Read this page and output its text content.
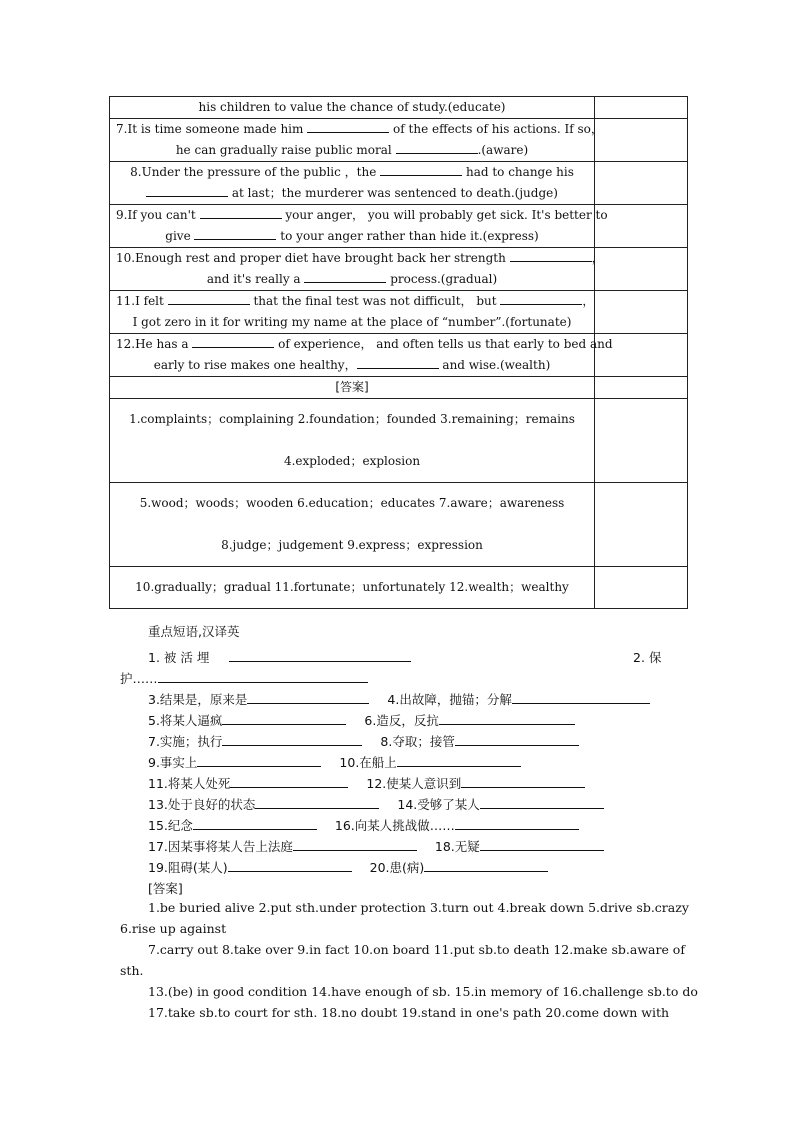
his children to value the chance of study.(educate)	

7.It is time someone made him of the effects of his actions. If so，
he can gradually raise public moral .(aware)	

8.Under the pressure of the public ，the had to change his
at last；the murderer was sentenced to death.(judge)	

9.If you can't your anger， you will probably get sick. It's better to
give to your anger rather than hide it.(express)	

10.Enough rest and proper diet have brought back her strength ，
and it's really a process.(gradual)	

11.I felt that the final test was not difficult， but ，
I got zero in it for writing my name at the place of “number”.(fortunate)	

12.He has a of experience， and often tells us that early to bed and
early to rise makes one healthy， and wise.(wealth)	

[答案]	

1.complaints；complaining 2.foundation；founded 3.remaining；remains
4.exploded；explosion	

5.wood；woods；wooden 6.education；educates 7.aware；awareness
8.judge；judgement 9.express；expression	

10.gradually；gradual 11.fortunate；unfortunately 12.wealth；wealthy	

重点短语,汉译英
1. 被 活 埋	2. 保
护……
3.结果是，原来是	4.出故障，抛锚；分解
5.将某人逼疯	6.造反，反抗
7.实施；执行	8.夺取；接管
9.事实上	10.在船上
11.将某人处死	12.使某人意识到
13.处于良好的状态	14.受够了某人
15.纪念	16.向某人挑战做……
17.因某事将某人告上法庭	18.无疑
19.阻碍(某人)	20.患(病)
[答案]
1.be buried alive 2.put sth.under protection 3.turn out 4.break down 5.drive sb.crazy
6.rise up against
7.carry out 8.take over 9.in fact 10.on board 11.put sb.to death 12.make sb.aware of
sth.
13.(be) in good condition 14.have enough of sb. 15.in memory of 16.challenge sb.to do
17.take sb.to court for sth. 18.no doubt 19.stand in one's path 20.come down with
